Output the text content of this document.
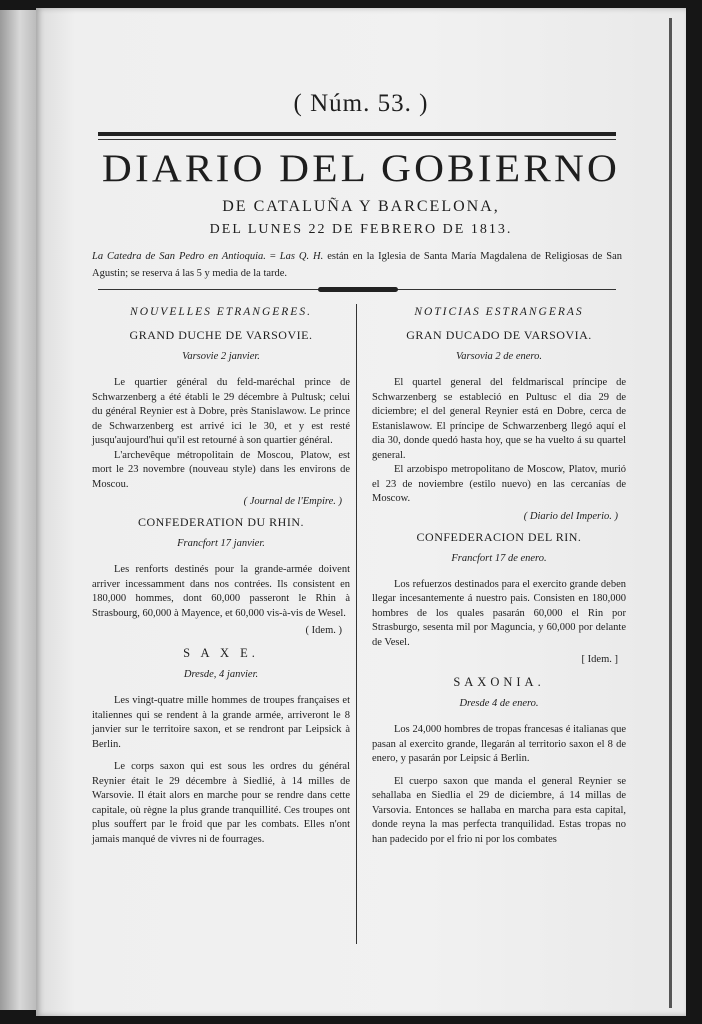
( Núm. 53. )
DIARIO DEL GOBIERNO
DE CATALUÑA Y BARCELONA,
DEL LUNES 22 DE FEBRERO DE 1813.
La Catedra de San Pedro en Antioquia. = Las Q. H. están en la Iglesia de Santa María Magdalena de Religiosas de San Agustin; se reserva á las 5 y media de la tarde.
NOUVELLES ETRANGERES.
GRAND DUCHE DE VARSOVIE.
Varsovie 2 janvier.

Le quartier général du feld-maréchal prince de Schwarzenberg a été établi le 29 décembre à Pultusk; celui du général Reynier est à Dobre, près Stanislawow. Le prince de Schwarzenberg est arrivé ici le 30, et y est resté jusqu'aujourd'hui qu'il est retourné à son quartier général.

L'archevêque métropolitain de Moscou, Platow, est mort le 23 novembre (nouveau style) dans les environs de Moscou.

( Journal de l'Empire. )
CONFEDERATION DU RHIN.
Francfort 17 janvier.

Les renforts destinés pour la grande-armée doivent arriver incessamment dans nos contrées. Ils consistent en 180,000 hommes, dont 60,000 passeront le Rhin à Strasbourg, 60,000 à Mayence, et 60,000 vis-à-vis de Wesel.

( Idem. )
S A X E.
Dresde, 4 janvier.

Les vingt-quatre mille hommes de troupes françaises et italiennes qui se rendent à la grande armée, arriveront le 8 janvier sur le territoire saxon, et se rendront par Leipsick à Berlin.

Le corps saxon qui est sous les ordres du général Reynier était le 29 décembre à Siedlié, à 14 milles de Warsovie. Il était alors en marche pour se rendre dans cette capitale, où règne la plus grande tranquillité. Ces troupes ont plus souffert par le froid que par les combats. Elles n'ont jamais manqué de vivres ni de fourrages.

NOTICIAS ESTRANGERAS
GRAN DUCADO DE VARSOVIA.
Varsovia 2 de enero.

El quartel general del feldmariscal príncipe de Schwarzenberg se estableció en Pultusc el dia 29 de diciembre; el del general Reynier está en Dobre, cerca de Estanislawow. El príncipe de Schwarzenberg llegó aquí el dia 30, donde quedó hasta hoy, que se ha vuelto á su quartel general.

El arzobispo metropolitano de Moscow, Platov, murió el 23 de noviembre (estilo nuevo) en las cercanías de Moscow.

( Diario del Imperio. )
CONFEDERACION DEL RIN.
Francfort 17 de enero.

Los refuerzos destinados para el exercito grande deben llegar incesantemente á nuestro pais. Consisten en 180,000 hombres de los quales pasarán 60,000 el Rin por Strasburgo, sesenta mil por Maguncia, y 60,000 por delante de Vesel.

[ Idem. ]
SAXONIA.
Dresde 4 de enero.

Los 24,000 hombres de tropas francesas é italianas que pasan al exercito grande, llegarán al territorio saxon el 8 de enero, y pasarán por Leipsic á Berlin.

El cuerpo saxon que manda el general Reynier se sehallaba en Siedlia el 29 de diciembre, á 14 millas de Varsovia. Entonces se hallaba en marcha para esta capital, donde reyna la mas perfecta tranquilidad. Estas tropas no han padecido por el frio ni por los combates
